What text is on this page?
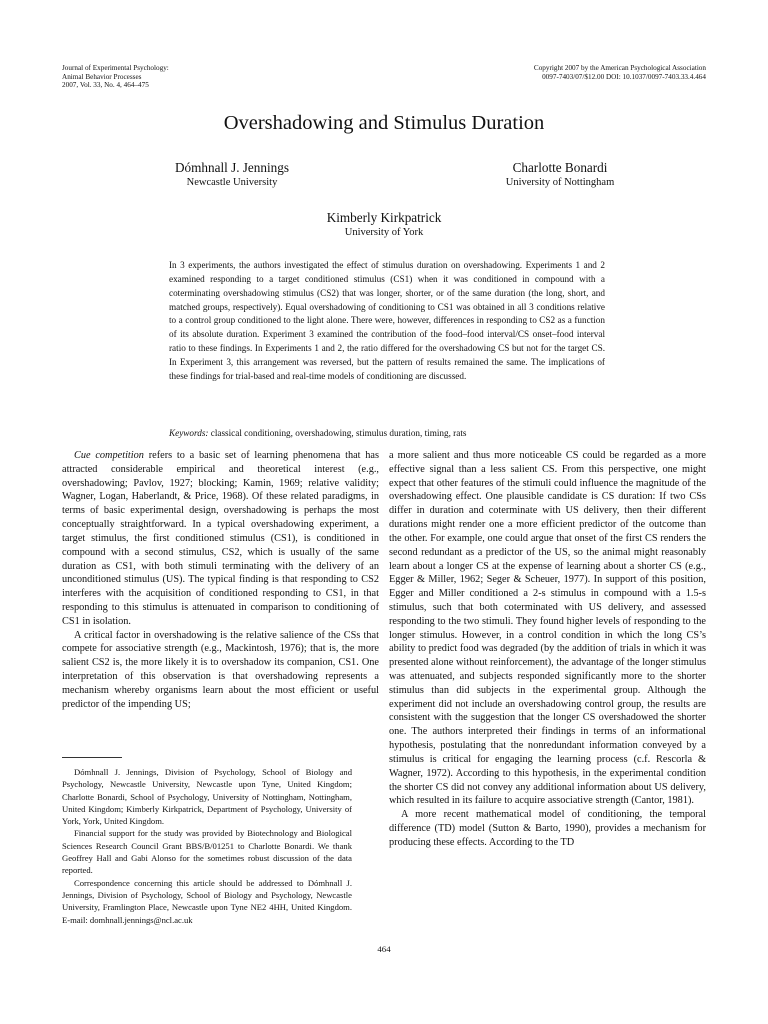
Journal of Experimental Psychology:
Animal Behavior Processes
2007, Vol. 33, No. 4, 464–475
Copyright 2007 by the American Psychological Association
0097-7403/07/$12.00 DOI: 10.1037/0097-7403.33.4.464
Overshadowing and Stimulus Duration
Dómhnall J. Jennings
Newcastle University
Charlotte Bonardi
University of Nottingham
Kimberly Kirkpatrick
University of York

In 3 experiments, the authors investigated the effect of stimulus duration on overshadowing. Experiments 1 and 2 examined responding to a target conditioned stimulus (CS1) when it was conditioned in compound with a coterminating overshadowing stimulus (CS2) that was longer, shorter, or of the same duration (the long, short, and matched groups, respectively). Equal overshadowing of conditioning to CS1 was obtained in all 3 conditions relative to a control group conditioned to the light alone. There were, however, differences in responding to CS2 as a function of its absolute duration. Experiment 3 examined the contribution of the food–food interval/CS onset–food interval ratio to these findings. In Experiments 1 and 2, the ratio differed for the overshadowing CS but not for the target CS. In Experiment 3, this arrangement was reversed, but the pattern of results remained the same. The implications of these findings for trial-based and real-time models of conditioning are discussed.

Keywords: classical conditioning, overshadowing, stimulus duration, timing, rats

Cue competition refers to a basic set of learning phenomena that has attracted considerable empirical and theoretical interest (e.g., overshadowing; Pavlov, 1927; blocking; Kamin, 1969; relative validity; Wagner, Logan, Haberlandt, & Price, 1968). Of these related paradigms, in terms of basic experimental design, overshadowing is perhaps the most conceptually straightforward. In a typical overshadowing experiment, a target stimulus, the first conditioned stimulus (CS1), is conditioned in compound with a second stimulus, CS2, which is usually of the same duration as CS1, with both stimuli terminating with the delivery of an unconditioned stimulus (US). The typical finding is that responding to CS2 interferes with the acquisition of conditioned responding to CS1, in that responding to this stimulus is attenuated in comparison to conditioning of CS1 in isolation.

A critical factor in overshadowing is the relative salience of the CSs that compete for associative strength (e.g., Mackintosh, 1976); that is, the more salient CS2 is, the more likely it is to overshadow its companion, CS1. One interpretation of this observation is that overshadowing represents a mechanism whereby organisms learn about the most efficient or useful predictor of the impending US;

Dómhnall J. Jennings, Division of Psychology, School of Biology and Psychology, Newcastle University, Newcastle upon Tyne, United Kingdom; Charlotte Bonardi, School of Psychology, University of Nottingham, Nottingham, United Kingdom; Kimberly Kirkpatrick, Department of Psychology, University of York, York, United Kingdom.

Financial support for the study was provided by Biotechnology and Biological Sciences Research Council Grant BBS/B/01251 to Charlotte Bonardi. We thank Geoffrey Hall and Gabi Alonso for the sometimes robust discussion of the data reported.

Correspondence concerning this article should be addressed to Dómhnall J. Jennings, Division of Psychology, School of Biology and Psychology, Newcastle University, Framlington Place, Newcastle upon Tyne NE2 4HH, United Kingdom. E-mail: domhnall.jennings@ncl.ac.uk

a more salient and thus more noticeable CS could be regarded as a more effective signal than a less salient CS. From this perspective, one might expect that other features of the stimuli could influence the magnitude of the overshadowing effect. One plausible candidate is CS duration: If two CSs differ in duration and coterminate with US delivery, then their different durations might render one a more efficient predictor of the outcome than the other. For example, one could argue that onset of the first CS renders the second redundant as a predictor of the US, so the animal might reasonably learn about a longer CS at the expense of learning about a shorter CS (e.g., Egger & Miller, 1962; Seger & Scheuer, 1977). In support of this position, Egger and Miller conditioned a 2-s stimulus in compound with a 1.5-s stimulus, such that both coterminated with US delivery, and assessed responding to the two stimuli. They found higher levels of responding to the longer stimulus. However, in a control condition in which the long CS’s ability to predict food was degraded (by the addition of trials in which it was presented alone without reinforcement), the advantage of the longer stimulus was attenuated, and subjects responded significantly more to the shorter stimulus than did subjects in the experimental group. Although the experiment did not include an overshadowing control group, the results are consistent with the suggestion that the longer CS overshadowed the shorter one. The authors interpreted their findings in terms of an informational hypothesis, postulating that the nonredundant information conveyed by a stimulus is critical for engaging the learning process (c.f. Rescorla & Wagner, 1972). According to this hypothesis, in the experimental condition the shorter CS did not convey any additional information about US delivery, which resulted in its failure to acquire associative strength (Cantor, 1981).

A more recent mathematical model of conditioning, the temporal difference (TD) model (Sutton & Barto, 1990), provides a mechanism for producing these effects. According to the TD

464
